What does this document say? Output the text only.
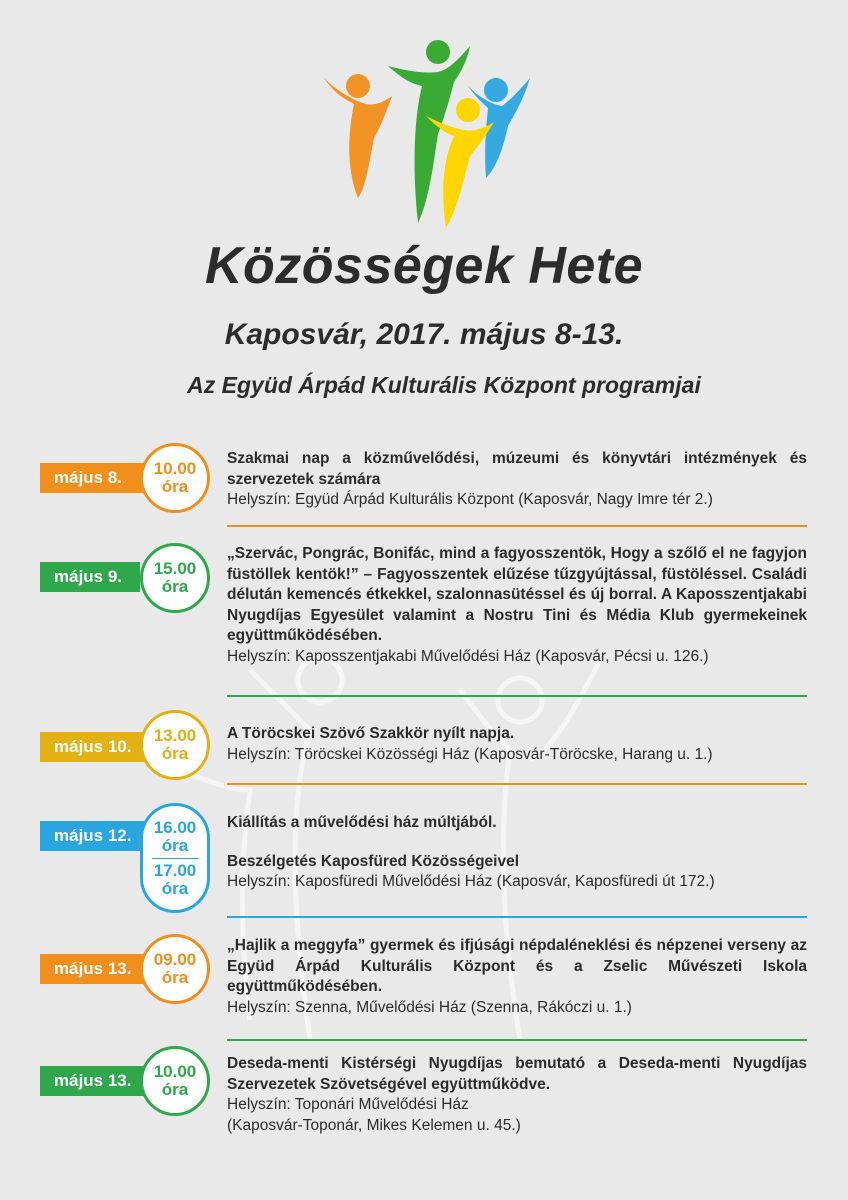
Közösségek Hete
Kaposvár, 2017. május 8-13.
Az Együd Árpád Kulturális Központ programjai
május 8.	10.00
óra
Szakmai nap a közművelődési, múzeumi és könyvtári intézmények és szervezetek számára
Helyszín: Együd Árpád Kulturális Központ (Kaposvár, Nagy Imre tér 2.)
május 9.	15.00
óra
„Szervác, Pongrác, Bonifác, mind a fagyosszentök, Hogy a szőlő el ne fagyjon füstöllek kentök!” – Fagyosszentek elűzése tűzgyújtással, füstöléssel. Családi délután kemencés étkekkel, szalonnasütéssel és új borral. A Kaposszentjakabi Nyugdíjas Egyesület valamint a Nostru Tini és Média Klub gyermekeinek együttműködésében.
Helyszín: Kaposszentjakabi Művelődési Ház (Kaposvár, Pécsi u. 126.)
május 10.
13.00
óra
A Töröcskei Szövő Szakkör nyílt napja.
Helyszín: Töröcskei Közösségi Ház (Kaposvár-Töröcske, Harang u. 1.)
május 12.	16.00
óra
17.00
óra
Kiállítás a művelődési ház múltjából.
Beszélgetés Kaposfüred Közösségeivel
Helyszín: Kaposfüredi Művelődési Ház (Kaposvár, Kaposfüredi út 172.)
május 13.	09.00
óra
„Hajlik a meggyfa” gyermek és ifjúsági népdaléneklési és népzenei verseny az Együd Árpád Kulturális Központ és a Zselic Művészeti Iskola együttműködésében.
Helyszín: Szenna, Művelődési Ház (Szenna, Rákóczi u. 1.)
május 13.	10.00
óra
Deseda-menti Kistérségi Nyugdíjas bemutató a Deseda-menti Nyugdíjas Szervezetek Szövetségével együttműködve.
Helyszín: Toponári Művelődési Ház
(Kaposvár-Toponár, Mikes Kelemen u. 45.)
